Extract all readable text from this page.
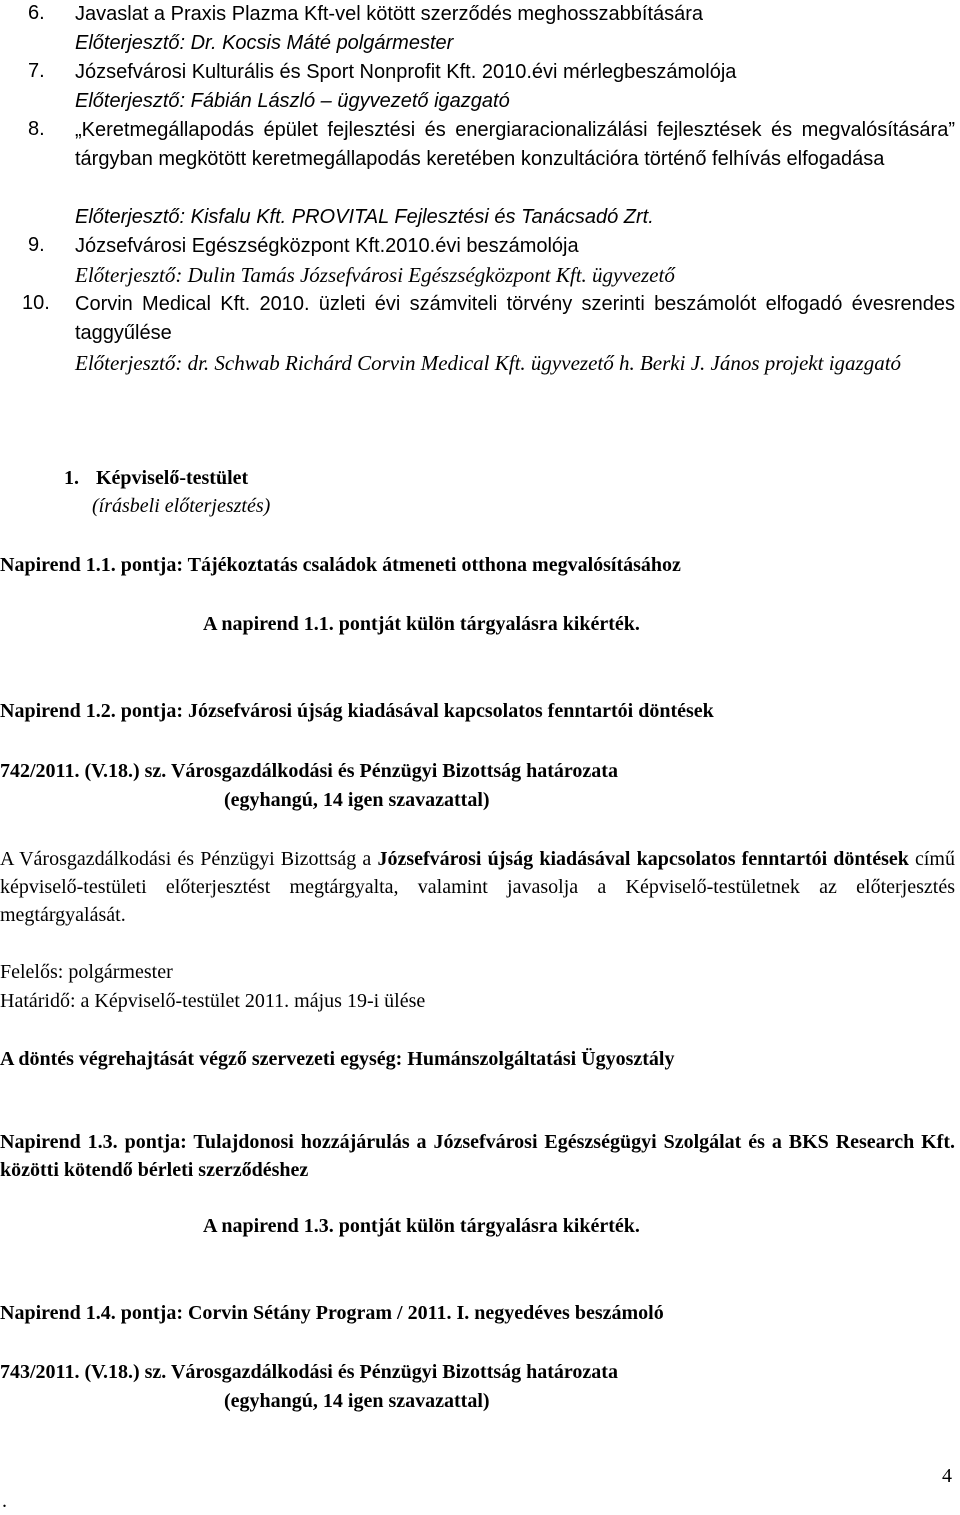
6. Javaslat a Praxis Plazma Kft-vel kötött szerződés meghosszabbítására
Előterjesztő: Dr. Kocsis Máté polgármester
7. Józsefvárosi Kulturális és Sport Nonprofit Kft. 2010.évi mérlegbeszámolója
Előterjesztő: Fábián László – ügyvezető igazgató
8. „Keretmegállapodás épület fejlesztési és energiaracionalizálási fejlesztések és megvalósítására” tárgyban megkötött keretmegállapodás keretében konzultációra történő felhívás elfogadása
Előterjesztő: Kisfalu Kft. PROVITAL Fejlesztési és Tanácsadó Zrt.
9. Józsefvárosi Egészségközpont Kft.2010.évi beszámolója
Előterjesztő: Dulin Tamás Józsefvárosi Egészségközpont Kft. ügyvezető
10. Corvin Medical Kft. 2010. üzleti évi számviteli törvény szerinti beszámolót elfogadó évesrendes taggyűlése
Előterjesztő: dr. Schwab Richárd Corvin Medical Kft. ügyvezető h. Berki J. János projekt igazgató
1. Képviselő-testület
(írásbeli előterjesztés)
Napirend 1.1. pontja: Tájékoztatás családok átmeneti otthona megvalósításához
A napirend 1.1. pontját külön tárgyalásra kikérték.
Napirend 1.2. pontja: Józsefvárosi újság kiadásával kapcsolatos fenntartói döntések
742/2011. (V.18.) sz. Városgazdálkodási és Pénzügyi Bizottság határozata
(egyhangú, 14 igen szavazattal)
A Városgazdálkodási és Pénzügyi Bizottság a Józsefvárosi újság kiadásával kapcsolatos fenntartói döntések című képviselő-testületi előterjesztést megtárgyalta, valamint javasolja a Képviselő-testületnek az előterjesztés megtárgyalását.
Felelős: polgármester
Határidő: a Képviselő-testület 2011. május 19-i ülése
A döntés végrehajtását végző szervezeti egység: Humánszolgáltatási Ügyosztály
Napirend 1.3. pontja: Tulajdonosi hozzájárulás a Józsefvárosi Egészségügyi Szolgálat és a BKS Research Kft. közötti kötendő bérleti szerződéshez
A napirend 1.3. pontját külön tárgyalásra kikérték.
Napirend 1.4. pontja: Corvin Sétány Program / 2011. I. negyedéves beszámoló
743/2011. (V.18.) sz. Városgazdálkodási és Pénzügyi Bizottság határozata
(egyhangú, 14 igen szavazattal)
.
4
